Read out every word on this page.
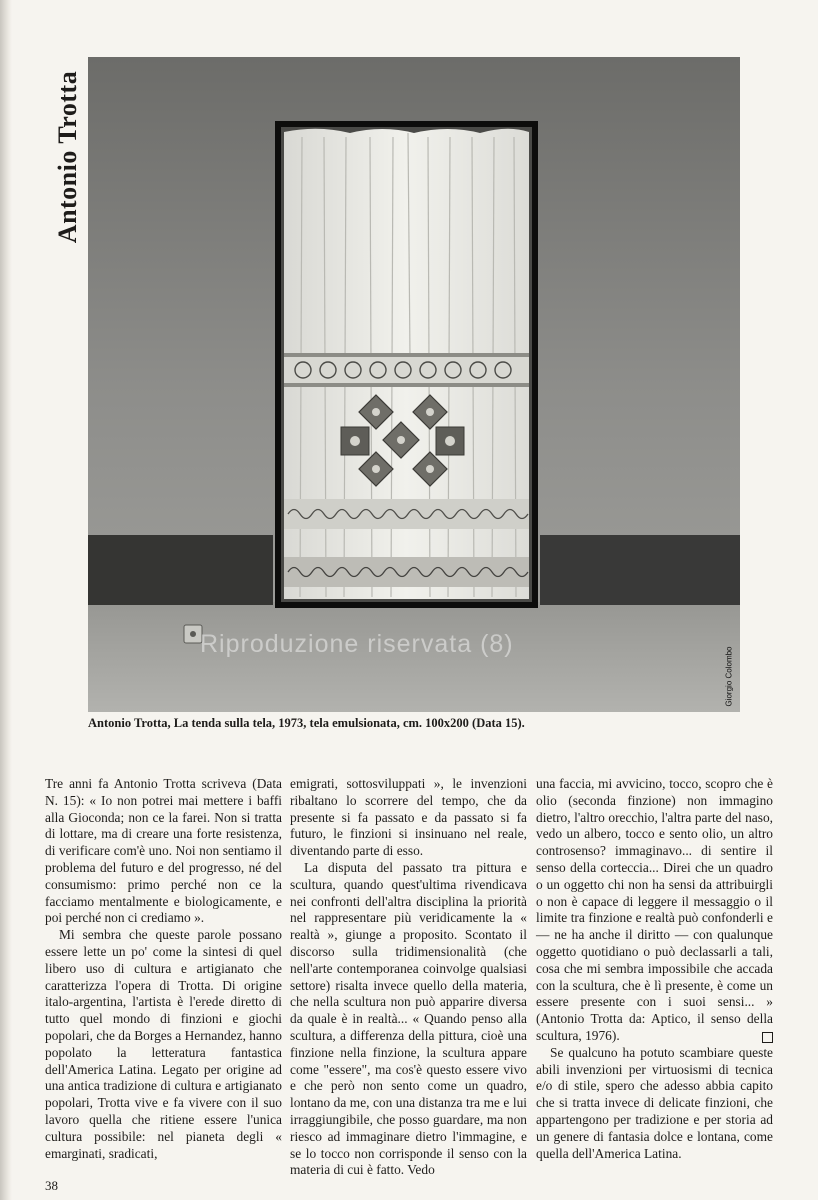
Antonio Trotta
Giorgio Colombo
Riproduzione riservata (8)
Antonio Trotta, La tenda sulla tela, 1973, tela emulsionata, cm. 100x200 (Data 15).

Tre anni fa Antonio Trotta scriveva (Data N. 15): « Io non potrei mai mettere i baffi alla Gioconda; non ce la farei. Non si tratta di lottare, ma di creare una forte resistenza, di verificare com'è uno. Noi non sentiamo il problema del futuro e del progresso, né del consumismo: primo perché non ce la facciamo mentalmente e biologicamente, e poi perché non ci crediamo ».

Mi sembra che queste parole possano essere lette un po' come la sintesi di quel libero uso di cultura e artigianato che caratterizza l'opera di Trotta. Di origine italo-argentina, l'artista è l'erede diretto di tutto quel mondo di finzioni e giochi popolari, che da Borges a Hernandez, hanno popolato la letteratura fantastica dell'America Latina. Legato per origine ad una antica tradizione di cultura e artigianato popolari, Trotta vive e fa vivere con il suo lavoro quella che ritiene essere l'unica cultura possibile: nel pianeta degli « emarginati, sradicati,

emigrati, sottosviluppati », le invenzioni ribaltano lo scorrere del tempo, che da presente si fa passato e da passato si fa futuro, le finzioni si insinuano nel reale, diventando parte di esso.

La disputa del passato tra pittura e scultura, quando quest'ultima rivendicava nei confronti dell'altra disciplina la priorità nel rappresentare più veridicamente la « realtà », giunge a proposito. Scontato il discorso sulla tridimensionalità (che nell'arte contemporanea coinvolge qualsiasi settore) risalta invece quello della materia, che nella scultura non può apparire diversa da quale è in realtà... « Quando penso alla scultura, a differenza della pittura, cioè una finzione nella finzione, la scultura appare come "essere", ma cos'è questo essere vivo e che però non sento come un quadro, lontano da me, con una distanza tra me e lui irraggiungibile, che posso guardare, ma non riesco ad immaginare dietro l'immagine, e se lo tocco non corrisponde il senso con la materia di cui è fatto. Vedo

una faccia, mi avvicino, tocco, scopro che è olio (seconda finzione) non immagino dietro, l'altro orecchio, l'altra parte del naso, vedo un albero, tocco e sento olio, un altro controsenso? immaginavo... di sentire il senso della corteccia... Direi che un quadro o un oggetto chi non ha sensi da attribuirgli o non è capace di leggere il messaggio o il limite tra finzione e realtà può confonderli e — ne ha anche il diritto — con qualunque oggetto quotidiano o può declassarli a tali, cosa che mi sembra impossibile che accada con la scultura, che è lì presente, è come un essere presente con i suoi sensi... » (Antonio Trotta da: Aptico, il senso della scultura, 1976).

Se qualcuno ha potuto scambiare queste abili invenzioni per virtuosismi di tecnica e/o di stile, spero che adesso abbia capito che si tratta invece di delicate finzioni, che appartengono per tradizione e per storia ad un genere di fantasia dolce e lontana, come quella dell'America Latina.

38
